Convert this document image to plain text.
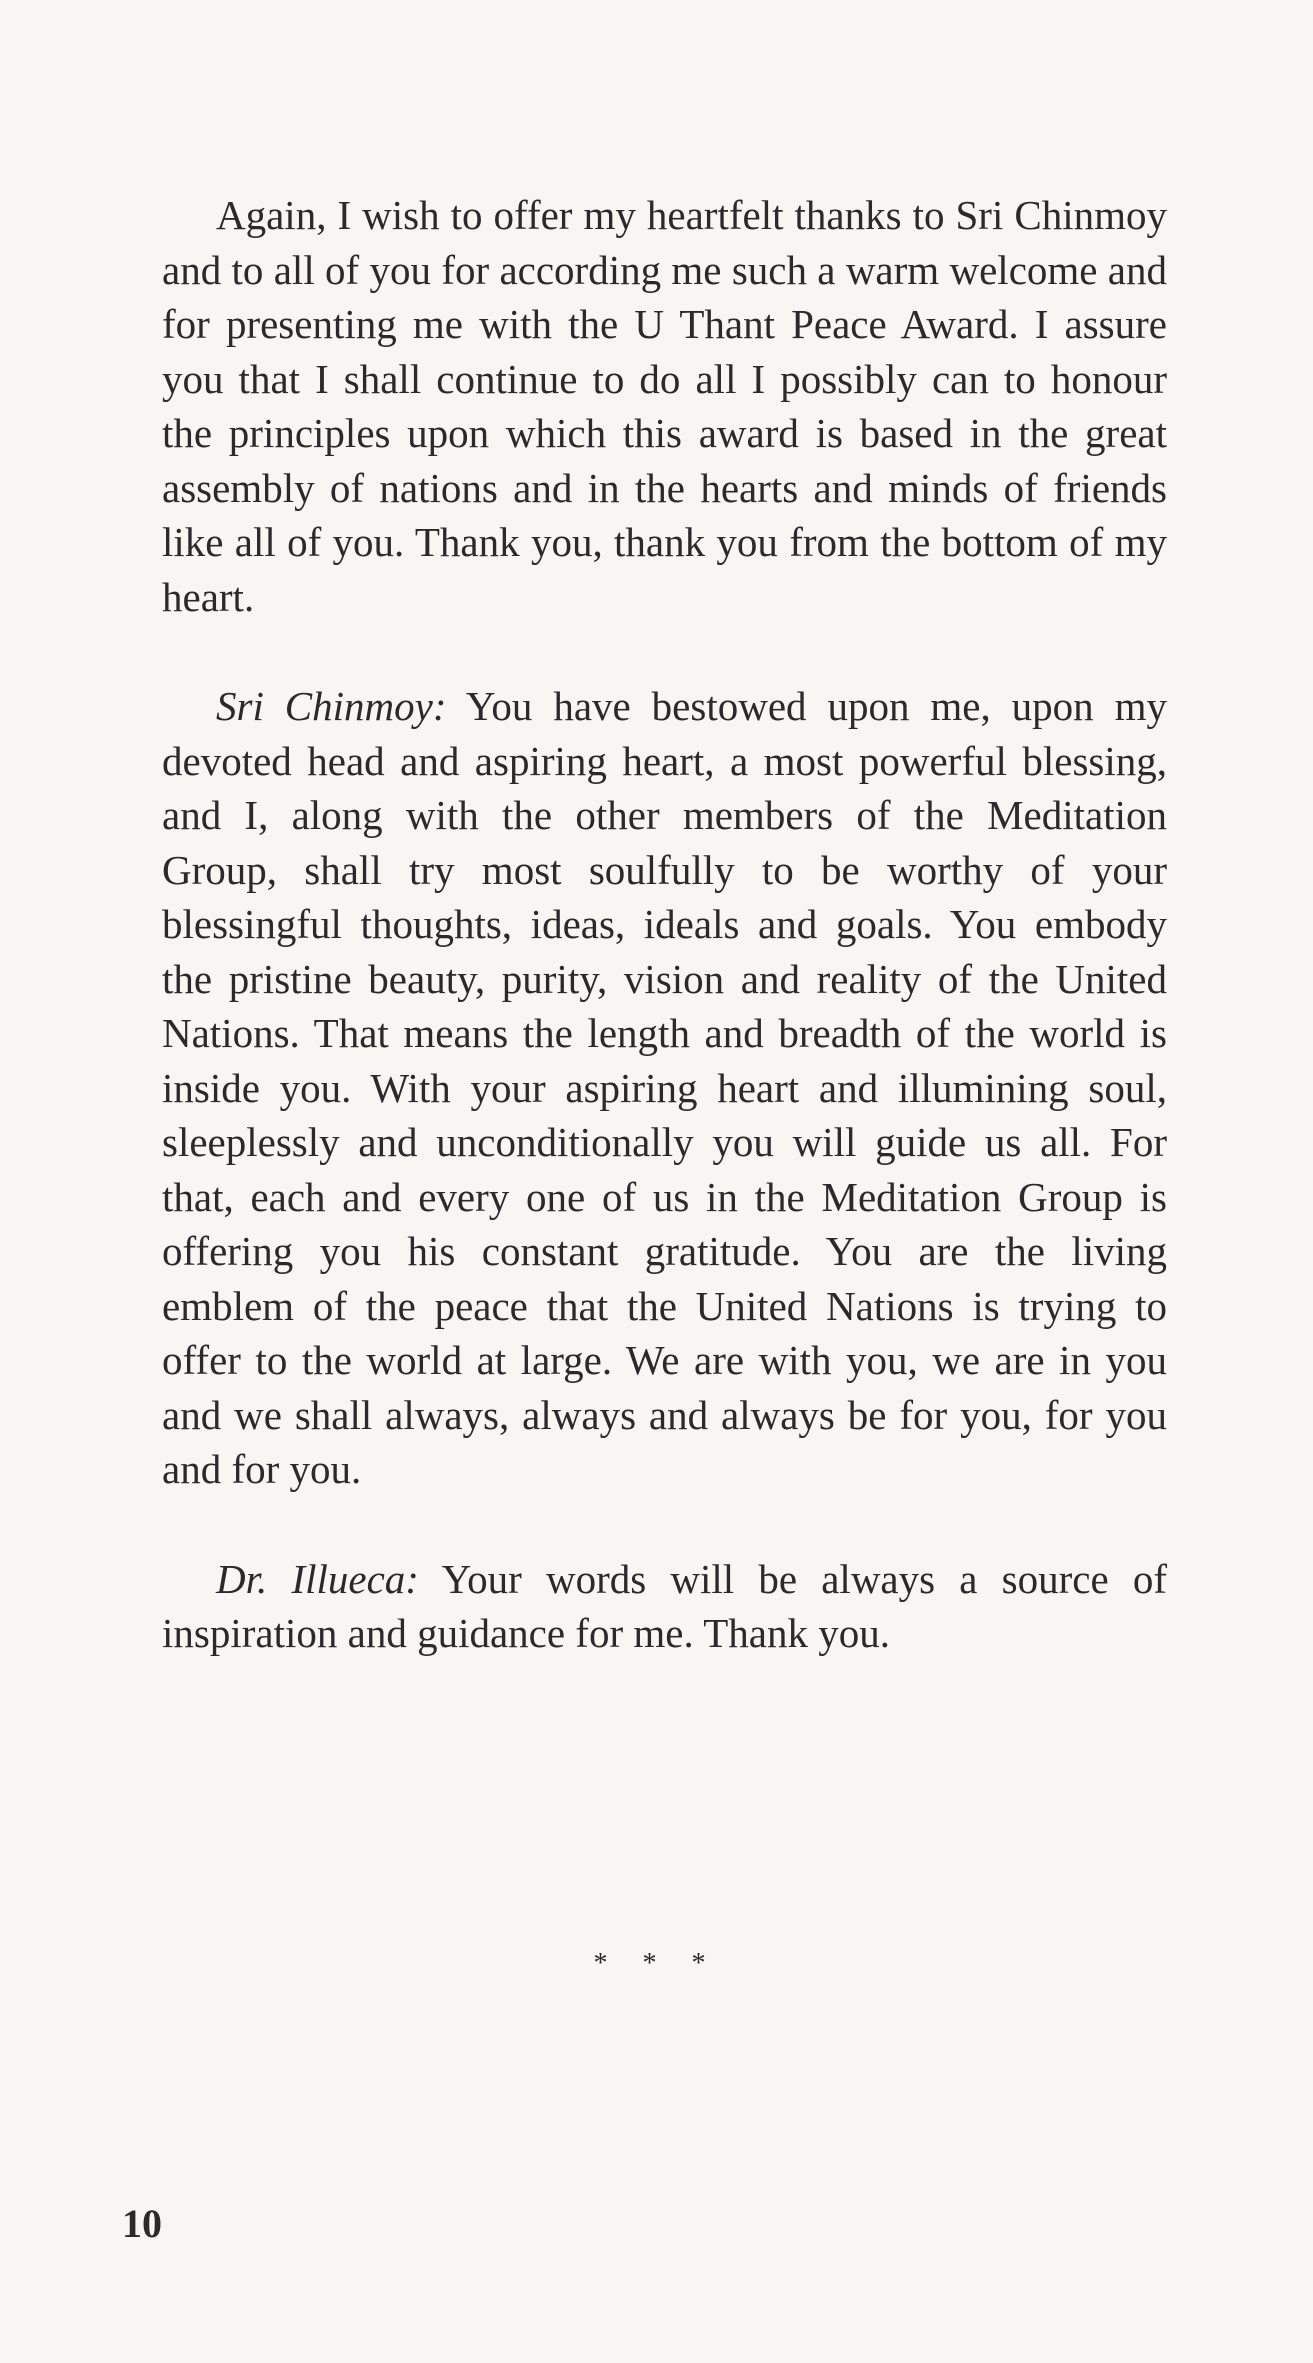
Again, I wish to offer my heartfelt thanks to Sri Chinmoy and to all of you for according me such a warm welcome and for presenting me with the U Thant Peace Award. I assure you that I shall continue to do all I possibly can to honour the principles upon which this award is based in the great assembly of nations and in the hearts and minds of friends like all of you. Thank you, thank you from the bottom of my heart.

Sri Chinmoy: You have bestowed upon me, upon my devoted head and aspiring heart, a most powerful blessing, and I, along with the other members of the Meditation Group, shall try most soulfully to be worthy of your blessingful thoughts, ideas, ideals and goals. You embody the pristine beauty, purity, vision and reality of the United Nations. That means the length and breadth of the world is inside you. With your aspiring heart and illumining soul, sleeplessly and unconditionally you will guide us all. For that, each and every one of us in the Meditation Group is offering you his constant gratitude. You are the living emblem of the peace that the United Nations is trying to offer to the world at large. We are with you, we are in you and we shall always, always and always be for you, for you and for you.

Dr. Illueca: Your words will be always a source of inspiration and guidance for me. Thank you.

* * *
10
